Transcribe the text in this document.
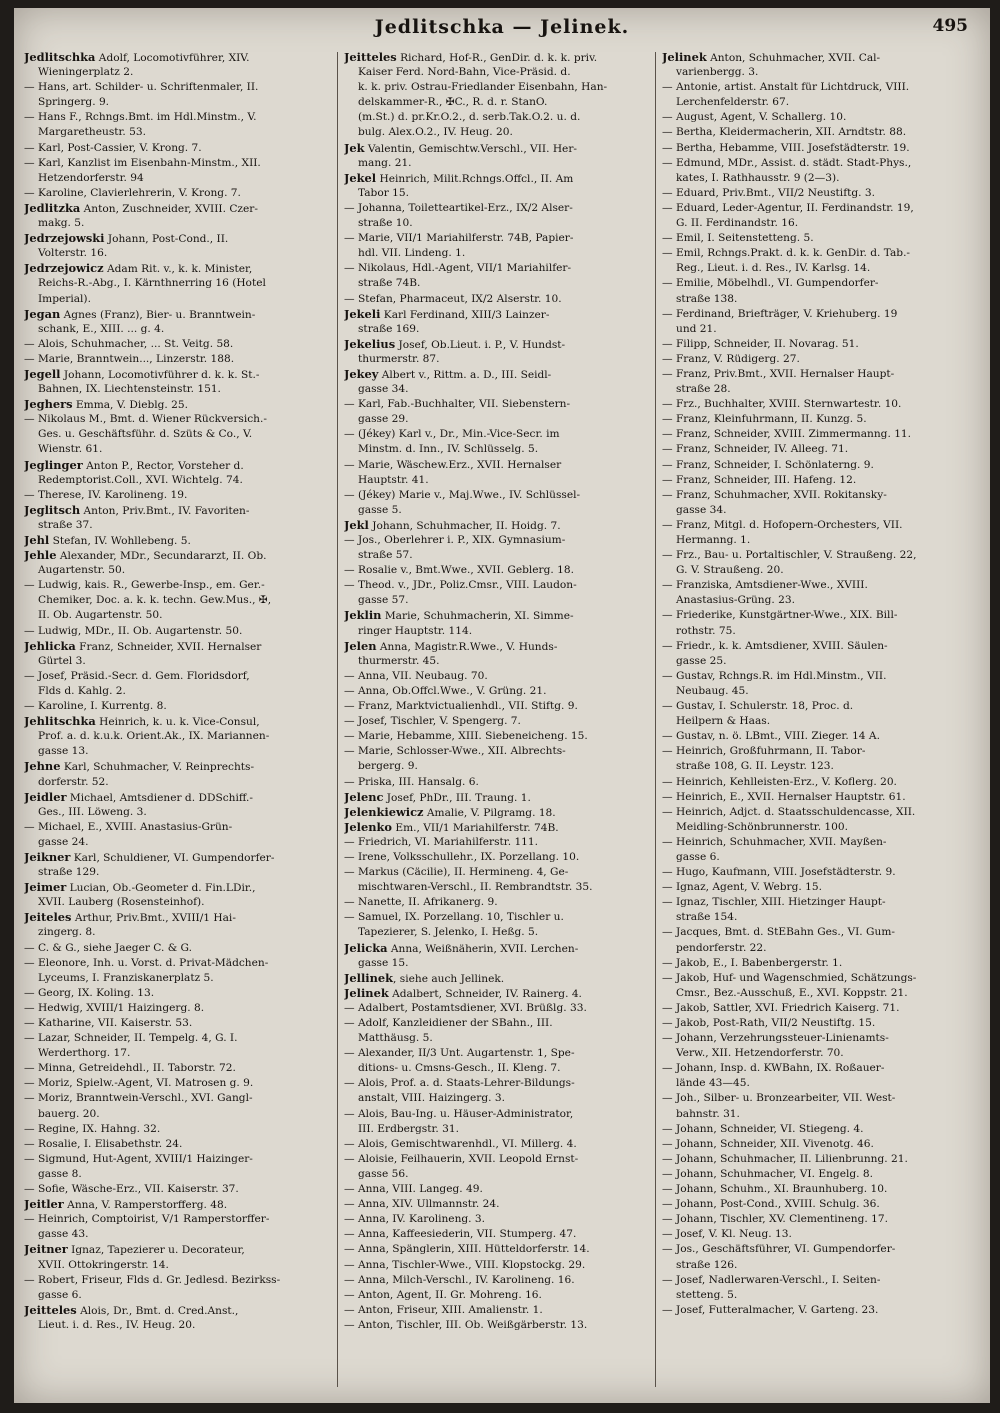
Jedlitschka — Jelinek.	495
Jedlitschka Adolf, Locomotivführer, XIV.
Wieningerplatz 2.
— Hans, art. Schilder- u. Schriftenmaler, II.
Springerg. 9.
— Hans F., Rchngs.Bmt. im Hdl.Minstm., V.
Margaretheustr. 53.
— Karl, Post-Cassier, V. Krong. 7.
— Karl, Kanzlist im Eisenbahn-Minstm., XII.
Hetzendorferstr. 94
— Karoline, Clavierlehrerin, V. Krong. 7.
Jedlitzka Anton, Zuschneider, XVIII. Czer-
makg. 5.
Jedrzejowski Johann, Post-Cond., II.
Volterstr. 16.
Jedrzejowicz Adam Rit. v., k. k. Minister,
Reichs-R.-Abg., I. Kärnthnerring 16 (Hotel
Imperial).
Jegan Agnes (Franz), Bier- u. Branntwein-
schank, E., XIII. ... g. 4.
— Alois, Schuhmacher, ... St. Veitg. 58.
— Marie, Branntwein..., Linzerstr. 188.
Jegell Johann, Locomotivführer d. k. k. St.-
Bahnen, IX. Liechtensteinstr. 151.
Jeghers Emma, V. Dieblg. 25.
— Nikolaus M., Bmt. d. Wiener Rückversich.-
Ges. u. Geschäftsführ. d. Szüts & Co., V.
Wienstr. 61.
Jeglinger Anton P., Rector, Vorsteher d.
Redemptorist.Coll., XVI. Wichtelg. 74.
— Therese, IV. Karolineng. 19.
Jeglitsch Anton, Priv.Bmt., IV. Favoriten-
straße 37.
Jehl Stefan, IV. Wohllebeng. 5.
Jehle Alexander, MDr., Secundararzt, II. Ob.
Augartenstr. 50.
— Ludwig, kais. R., Gewerbe-Insp., em. Ger.-
Chemiker, Doc. a. k. k. techn. Gew.Mus., ✠,
II. Ob. Augartenstr. 50.
— Ludwig, MDr., II. Ob. Augartenstr. 50.
Jehlicka Franz, Schneider, XVII. Hernalser
Gürtel 3.
— Josef, Präsid.-Secr. d. Gem. Floridsdorf,
Flds d. Kahlg. 2.
— Karoline, I. Kurrentg. 8.
Jehlitschka Heinrich, k. u. k. Vice-Consul,
Prof. a. d. k.u.k. Orient.Ak., IX. Mariannen-
gasse 13.
Jehne Karl, Schuhmacher, V. Reinprechts-
dorferstr. 52.
Jeidler Michael, Amtsdiener d. DDSchiff.-
Ges., III. Löweng. 3.
— Michael, E., XVIII. Anastasius-Grün-
gasse 24.
Jeikner Karl, Schuldiener, VI. Gumpendorfer-
straße 129.
Jeimer Lucian, Ob.-Geometer d. Fin.LDir.,
XVII. Lauberg (Rosensteinhof).
Jeiteles Arthur, Priv.Bmt., XVIII/1 Hai-
zingerg. 8.
— C. & G., siehe Jaeger C. & G.
— Eleonore, Inh. u. Vorst. d. Privat-Mädchen-
Lyceums, I. Franziskanerplatz 5.
— Georg, IX. Koling. 13.
— Hedwig, XVIII/1 Haizingerg. 8.
— Katharine, VII. Kaiserstr. 53.
— Lazar, Schneider, II. Tempelg. 4, G. I.
Werderthorg. 17.
— Minna, Getreidehdl., II. Taborstr. 72.
— Moriz, Spielw.-Agent, VI. Matrosen g. 9.
— Moriz, Branntwein-Verschl., XVI. Gangl-
bauerg. 20.
— Regine, IX. Hahng. 32.
— Rosalie, I. Elisabethstr. 24.
— Sigmund, Hut-Agent, XVIII/1 Haizinger-
gasse 8.
— Sofie, Wäsche-Erz., VII. Kaiserstr. 37.
Jeitler Anna, V. Ramperstorfferg. 48.
— Heinrich, Comptoirist, V/1 Ramperstorffer-
gasse 43.
Jeitner Ignaz, Tapezierer u. Decorateur,
XVII. Ottokringerstr. 14.
— Robert, Friseur, Flds d. Gr. Jedlesd. Bezirkss-
gasse 6.
Jeitteles Alois, Dr., Bmt. d. Cred.Anst.,
Lieut. i. d. Res., IV. Heug. 20.
Jeitteles Richard, Hof-R., GenDir. d. k. k. priv.
Kaiser Ferd. Nord-Bahn, Vice-Präsid. d.
k. k. priv. Ostrau-Friedlander Eisenbahn, Han-
delskammer-R., ✠C., R. d. r. StanO.
(m.St.) d. pr.Kr.O.2., d. serb.Tak.O.2. u. d.
bulg. Alex.O.2., IV. Heug. 20.
Jek Valentin, Gemischtw.Verschl., VII. Her-
mang. 21.
Jekel Heinrich, Milit.Rchngs.Offcl., II. Am
Tabor 15.
— Johanna, Toiletteartikel-Erz., IX/2 Alser-
straße 10.
— Marie, VII/1 Mariahilferstr. 74B, Papier-
hdl. VII. Lindeng. 1.
— Nikolaus, Hdl.-Agent, VII/1 Mariahilfer-
straße 74B.
— Stefan, Pharmaceut, IX/2 Alserstr. 10.
Jekeli Karl Ferdinand, XIII/3 Lainzer-
straße 169.
Jekelius Josef, Ob.Lieut. i. P., V. Hundst-
thurmerstr. 87.
Jekey Albert v., Rittm. a. D., III. Seidl-
gasse 34.
— Karl, Fab.-Buchhalter, VII. Siebenstern-
gasse 29.
— (Jékey) Karl v., Dr., Min.-Vice-Secr. im
Minstm. d. Inn., IV. Schlüsselg. 5.
— Marie, Wäschew.Erz., XVII. Hernalser
Hauptstr. 41.
— (Jékey) Marie v., Maj.Wwe., IV. Schlüssel-
gasse 5.
Jekl Johann, Schuhmacher, II. Hoidg. 7.
— Jos., Oberlehrer i. P., XIX. Gymnasium-
straße 57.
— Rosalie v., Bmt.Wwe., XVII. Geblerg. 18.
— Theod. v., JDr., Poliz.Cmsr., VIII. Laudon-
gasse 57.
Jeklin Marie, Schuhmacherin, XI. Simme-
ringer Hauptstr. 114.
Jelen Anna, Magistr.R.Wwe., V. Hunds-
thurmerstr. 45.
— Anna, VII. Neubaug. 70.
— Anna, Ob.Offcl.Wwe., V. Grüng. 21.
— Franz, Marktvictualienhdl., VII. Stiftg. 9.
— Josef, Tischler, V. Spengerg. 7.
— Marie, Hebamme, XIII. Siebeneicheng. 15.
— Marie, Schlosser-Wwe., XII. Albrechts-
bergerg. 9.
— Priska, III. Hansalg. 6.
Jelenc Josef, PhDr., III. Traung. 1.
Jelenkiewicz Amalie, V. Pilgramg. 18.
Jelenko Em., VII/1 Mariahilferstr. 74B.
— Friedrich, VI. Mariahilferstr. 111.
— Irene, Volksschullehr., IX. Porzellang. 10.
— Markus (Cäcilie), II. Hermineng. 4, Ge-
mischtwaren-Verschl., II. Rembrandtstr. 35.
— Nanette, II. Afrikanerg. 9.
— Samuel, IX. Porzellang. 10, Tischler u.
Tapezierer, S. Jelenko, I. Heßg. 5.
Jelicka Anna, Weißnäherin, XVII. Lerchen-
gasse 15.
Jellinek, siehe auch Jellinek.
Jelinek Adalbert, Schneider, IV. Rainerg. 4.
— Adalbert, Postamtsdiener, XVI. Brüßlg. 33.
— Adolf, Kanzleidiener der SBahn., III.
Matthäusg. 5.
— Alexander, II/3 Unt. Augartenstr. 1, Spe-
ditions- u. Cmsns-Gesch., II. Kleng. 7.
— Alois, Prof. a. d. Staats-Lehrer-Bildungs-
anstalt, VIII. Haizingerg. 3.
— Alois, Bau-Ing. u. Häuser-Administrator,
III. Erdbergstr. 31.
— Alois, Gemischtwarenhdl., VI. Millerg. 4.
— Aloisie, Feilhauerin, XVII. Leopold Ernst-
gasse 56.
— Anna, VIII. Langeg. 49.
— Anna, XIV. Ullmannstr. 24.
— Anna, IV. Karolineng. 3.
— Anna, Kaffeesiederin, VII. Stumperg. 47.
— Anna, Spänglerin, XIII. Hütteldorferstr. 14.
— Anna, Tischler-Wwe., VIII. Klopstockg. 29.
— Anna, Milch-Verschl., IV. Karolineng. 16.
— Anton, Agent, II. Gr. Mohreng. 16.
— Anton, Friseur, XIII. Amalienstr. 1.
— Anton, Tischler, III. Ob. Weißgärberstr. 13.
Jelinek Anton, Schuhmacher, XVII. Cal-
varienbergg. 3.
— Antonie, artist. Anstalt für Lichtdruck, VIII.
Lerchenfelderstr. 67.
— August, Agent, V. Schallerg. 10.
— Bertha, Kleidermacherin, XII. Arndtstr. 88.
— Bertha, Hebamme, VIII. Josefstädterstr. 19.
— Edmund, MDr., Assist. d. städt. Stadt-Phys.,
kates, I. Rathhausstr. 9 (2—3).
— Eduard, Priv.Bmt., VII/2 Neustiftg. 3.
— Eduard, Leder-Agentur, II. Ferdinandstr. 19,
G. II. Ferdinandstr. 16.
— Emil, I. Seitenstetteng. 5.
— Emil, Rchngs.Prakt. d. k. k. GenDir. d. Tab.-
Reg., Lieut. i. d. Res., IV. Karlsg. 14.
— Emilie, Möbelhdl., VI. Gumpendorfer-
straße 138.
— Ferdinand, Briefträger, V. Kriehuberg. 19
und 21.
— Filipp, Schneider, II. Novarag. 51.
— Franz, V. Rüdigerg. 27.
— Franz, Priv.Bmt., XVII. Hernalser Haupt-
straße 28.
— Frz., Buchhalter, XVIII. Sternwartestr. 10.
— Franz, Kleinfuhrmann, II. Kunzg. 5.
— Franz, Schneider, XVIII. Zimmermanng. 11.
— Franz, Schneider, IV. Alleeg. 71.
— Franz, Schneider, I. Schönlaterng. 9.
— Franz, Schneider, III. Hafeng. 12.
— Franz, Schuhmacher, XVII. Rokitansky-
gasse 34.
— Franz, Mitgl. d. Hofopern-Orchesters, VII.
Hermanng. 1.
— Frz., Bau- u. Portaltischler, V. Straußeng. 22,
G. V. Straußeng. 20.
— Franziska, Amtsdiener-Wwe., XVIII.
Anastasius-Grüng. 23.
— Friederike, Kunstgärtner-Wwe., XIX. Bill-
rothstr. 75.
— Friedr., k. k. Amtsdiener, XVIII. Säulen-
gasse 25.
— Gustav, Rchngs.R. im Hdl.Minstm., VII.
Neubaug. 45.
— Gustav, I. Schulerstr. 18, Proc. d.
Heilpern & Haas.
— Gustav, n. ö. LBmt., VIII. Zieger. 14 A.
— Heinrich, Großfuhrmann, II. Tabor-
straße 108, G. II. Leystr. 123.
— Heinrich, Kehlleisten-Erz., V. Koflerg. 20.
— Heinrich, E., XVII. Hernalser Hauptstr. 61.
— Heinrich, Adjct. d. Staatsschuldencasse, XII.
Meidling-Schönbrunnerstr. 100.
— Heinrich, Schuhmacher, XVII. Mayßen-
gasse 6.
— Hugo, Kaufmann, VIII. Josefstädterstr. 9.
— Ignaz, Agent, V. Webrg. 15.
— Ignaz, Tischler, XIII. Hietzinger Haupt-
straße 154.
— Jacques, Bmt. d. StEBahn Ges., VI. Gum-
pendorferstr. 22.
— Jakob, E., I. Babenbergerstr. 1.
— Jakob, Huf- und Wagenschmied, Schätzungs-
Cmsr., Bez.-Ausschuß, E., XVI. Koppstr. 21.
— Jakob, Sattler, XVI. Friedrich Kaiserg. 71.
— Jakob, Post-Rath, VII/2 Neustiftg. 15.
— Johann, Verzehrungssteuer-Linienamts-
Verw., XII. Hetzendorferstr. 70.
— Johann, Insp. d. KWBahn, IX. Roßauer-
lände 43—45.
— Joh., Silber- u. Bronzearbeiter, VII. West-
bahnstr. 31.
— Johann, Schneider, VI. Stiegeng. 4.
— Johann, Schneider, XII. Vivenotg. 46.
— Johann, Schuhmacher, II. Lilienbrunng. 21.
— Johann, Schuhmacher, VI. Engelg. 8.
— Johann, Schuhm., XI. Braunhuberg. 10.
— Johann, Post-Cond., XVIII. Schulg. 36.
— Johann, Tischler, XV. Clementineng. 17.
— Josef, V. Kl. Neug. 13.
— Jos., Geschäftsführer, VI. Gumpendorfer-
straße 126.
— Josef, Nadlerwaren-Verschl., I. Seiten-
stetteng. 5.
— Josef, Futteralmacher, V. Garteng. 23.
